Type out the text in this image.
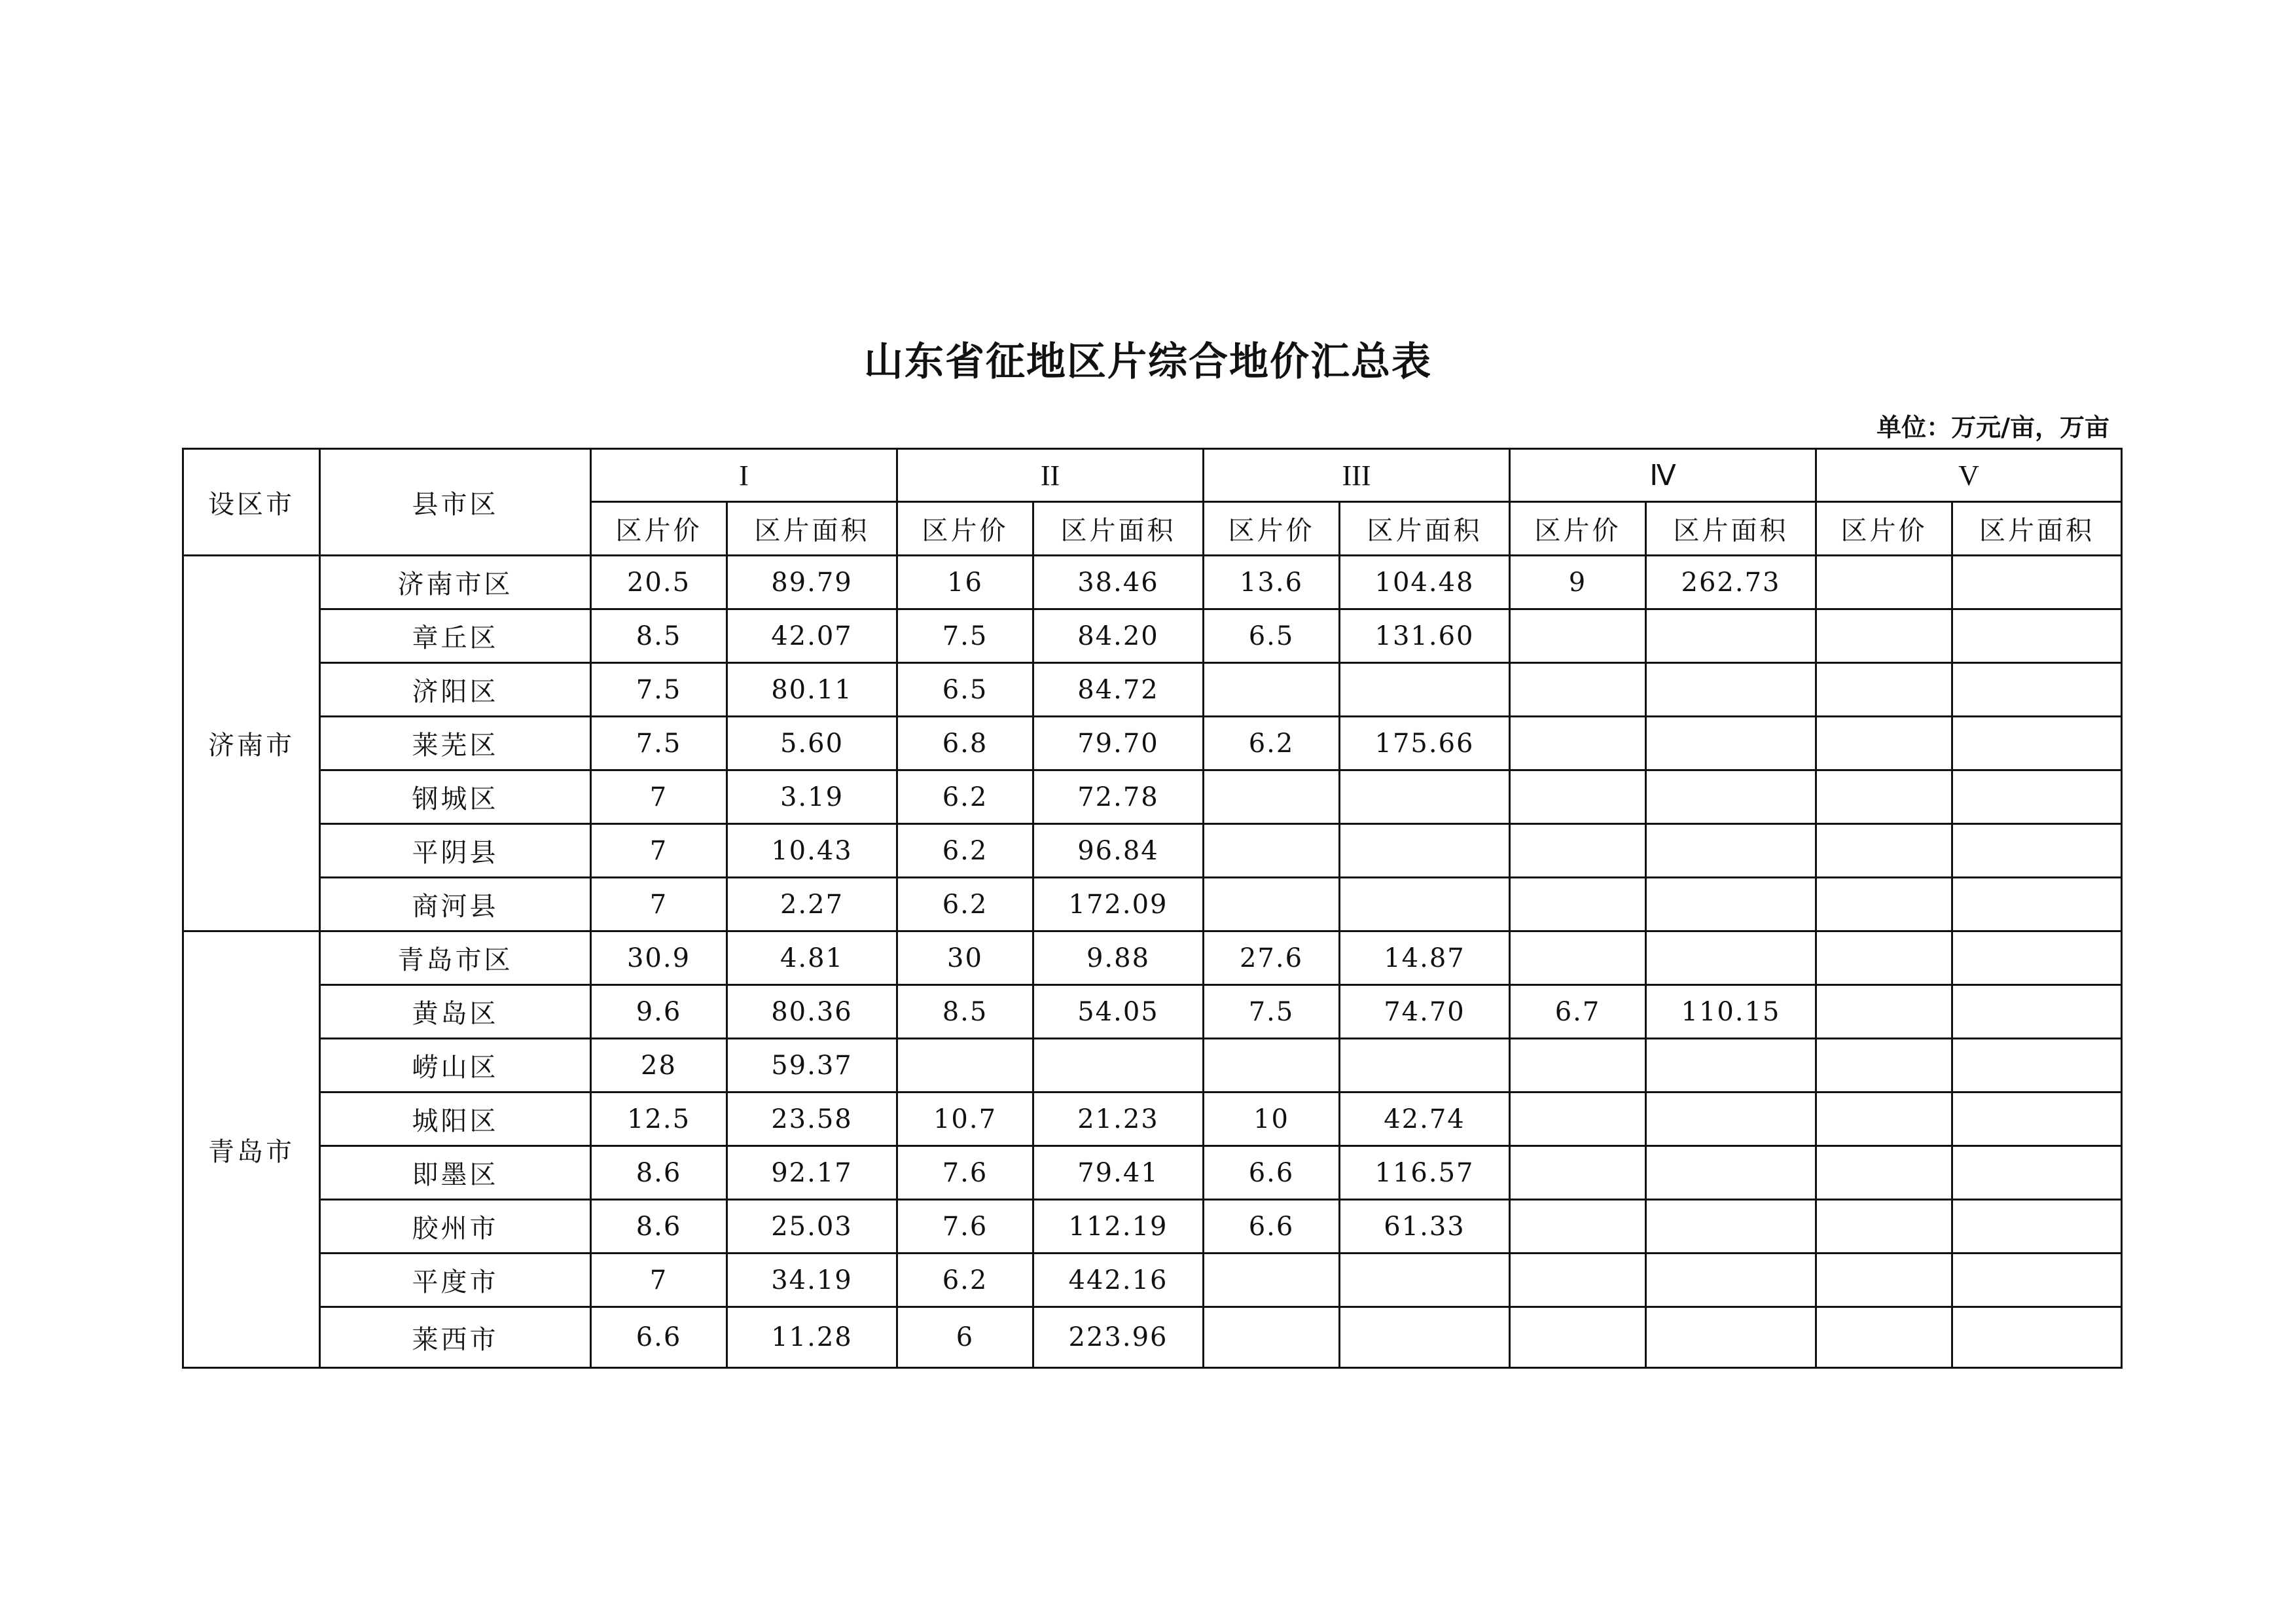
山东省征地区片综合地价汇总表
单位：万元/亩，万亩
设区市	县市区	I		II		III		Ⅳ		V	
		区片价	区片面积	区片价	区片面积	区片价	区片面积	区片价	区片面积	区片价	区片面积
济南市	济南市区	20.5	89.79	16	38.46	13.6	104.48	9	262.73		
	章丘区	8.5	42.07	7.5	84.20	6.5	131.60				
	济阳区	7.5	80.11	6.5	84.72						
	莱芜区	7.5	5.60	6.8	79.70	6.2	175.66				
	钢城区	7	3.19	6.2	72.78						
	平阴县	7	10.43	6.2	96.84						
	商河县	7	2.27	6.2	172.09						
青岛市	青岛市区	30.9	4.81	30	9.88	27.6	14.87				
	黄岛区	9.6	80.36	8.5	54.05	7.5	74.70	6.7	110.15		
	崂山区	28	59.37								
	城阳区	12.5	23.58	10.7	21.23	10	42.74				
	即墨区	8.6	92.17	7.6	79.41	6.6	116.57				
	胶州市	8.6	25.03	7.6	112.19	6.6	61.33				
	平度市	7	34.19	6.2	442.16						
	莱西市	6.6	11.28	6	223.96						
